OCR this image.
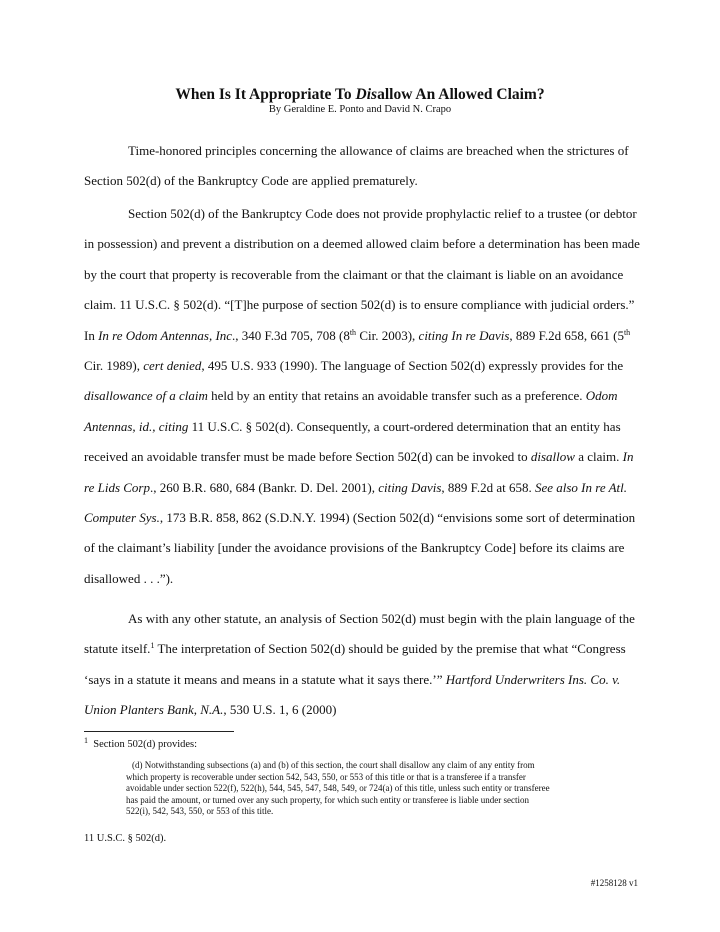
When Is It Appropriate To Disallow An Allowed Claim?
By Geraldine E. Ponto and David N. Crapo

Time-honored principles concerning the allowance of claims are breached when the strictures of Section 502(d) of the Bankruptcy Code are applied prematurely.

Section 502(d) of the Bankruptcy Code does not provide prophylactic relief to a trustee (or debtor in possession) and prevent a distribution on a deemed allowed claim before a determination has been made by the court that property is recoverable from the claimant or that the claimant is liable on an avoidance claim. 11 U.S.C. § 502(d). “[T]he purpose of section 502(d) is to ensure compliance with judicial orders.” In In re Odom Antennas, Inc., 340 F.3d 705, 708 (8th Cir. 2003), citing In re Davis, 889 F.2d 658, 661 (5th Cir. 1989), cert denied, 495 U.S. 933 (1990). The language of Section 502(d) expressly provides for the disallowance of a claim held by an entity that retains an avoidable transfer such as a preference. Odom Antennas, id., citing 11 U.S.C. § 502(d). Consequently, a court-ordered determination that an entity has received an avoidable transfer must be made before Section 502(d) can be invoked to disallow a claim. In re Lids Corp., 260 B.R. 680, 684 (Bankr. D. Del. 2001), citing Davis, 889 F.2d at 658. See also In re Atl. Computer Sys., 173 B.R. 858, 862 (S.D.N.Y. 1994) (Section 502(d) “envisions some sort of determination of the claimant’s liability [under the avoidance provisions of the Bankruptcy Code] before its claims are disallowed . . .”).

As with any other statute, an analysis of Section 502(d) must begin with the plain language of the statute itself.$^1$ The interpretation of Section 502(d) should be guided by the premise that what “Congress ‘says in a statute it means and means in a statute what it says there.’” Hartford Underwriters Ins. Co. v. Union Planters Bank, N.A., 530 U.S. 1, 6 (2000)

$^1$ Section 502(d) provides:
(d) Notwithstanding subsections (a) and (b) of this section, the court shall disallow any claim of any entity from which property is recoverable under section 542, 543, 550, or 553 of this title or that is a transferee if a transfer avoidable under section 522(f), 522(h), 544, 545, 547, 548, 549, or 724(a) of this title, unless such entity or transferee has paid the amount, or turned over any such property, for which such entity or transferee is liable under section 522(i), 542, 543, 550, or 553 of this title.
11 U.S.C. § 502(d).
#1258128 v1
